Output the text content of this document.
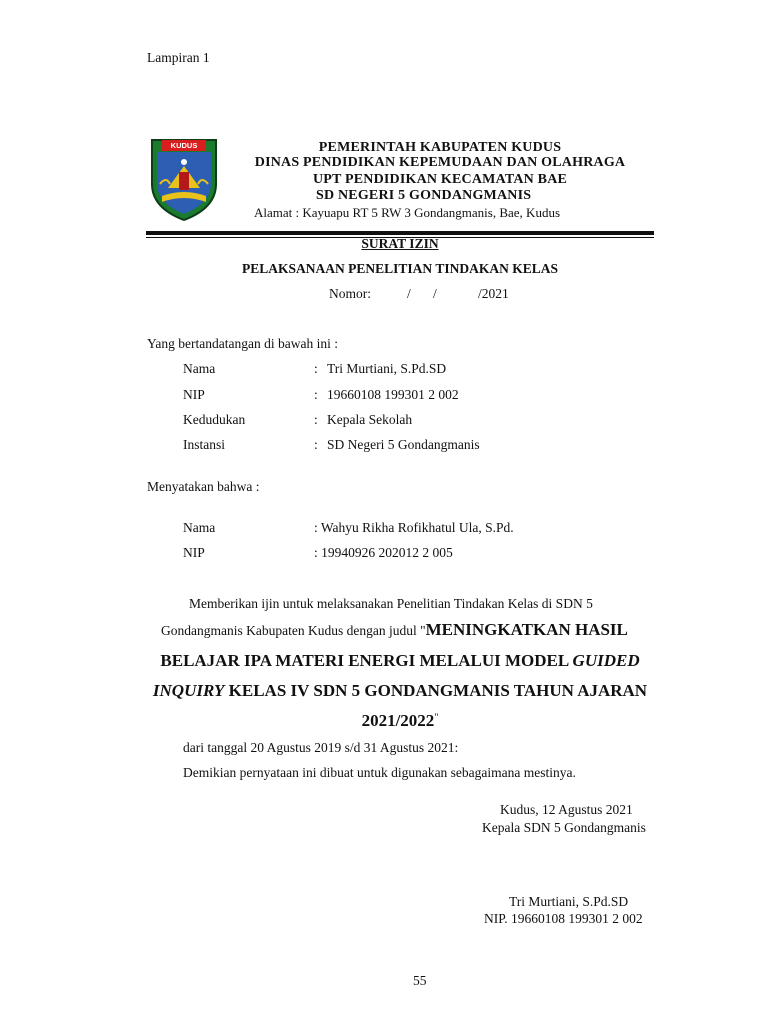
Lampiran 1
KUDUS	PEMERINTAH KABUPATEN KUDUS
DINAS PENDIDIKAN KEPEMUDAAN DAN OLAHRAGA
UPT PENDIDIKAN KECAMATAN BAE
SD NEGERI 5 GONDANGMANIS
Alamat : Kayuapu RT 5 RW 3 Gondangmanis, Bae, Kudus
SURAT IZIN
PELAKSANAAN PENELITIAN TINDAKAN KELAS
Nomor:	/ /	/2021
Yang bertandatangan di bawah ini :
Nama	: Tri Murtiani, S.Pd.SD
NIP	: 19660108 199301 2 002
Kedudukan	: Kepala Sekolah
Instansi	: SD Negeri 5 Gondangmanis
Menyatakan bahwa :
Nama	: Wahyu Rikha Rofikhatul Ula, S.Pd.
NIP	: 19940926 202012 2 005
Memberikan ijin untuk melaksanakan Penelitian Tindakan Kelas di SDN 5
Gondangmanis Kabupaten Kudus dengan judul "MENINGKATKAN HASIL
BELAJAR IPA MATERI ENERGI MELALUI MODEL GUIDED
INQUIRY KELAS IV SDN 5 GONDANGMANIS TAHUN AJARAN
2021/2022"
dari tanggal 20 Agustus 2019 s/d 31 Agustus 2021:
Demikian pernyataan ini dibuat untuk digunakan sebagaimana mestinya.
Kudus, 12 Agustus 2021
Kepala SDN 5 Gondangmanis
Tri Murtiani, S.Pd.SD
NIP. 19660108 199301 2 002
55
